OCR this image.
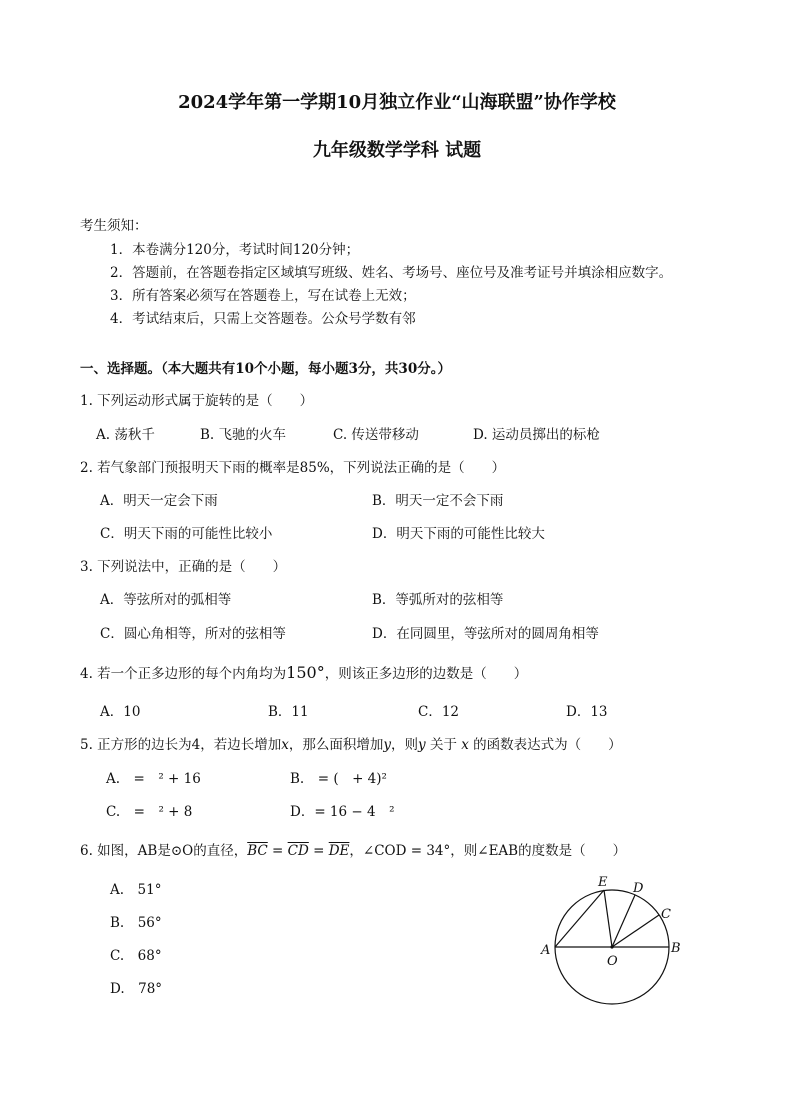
2024学年第一学期10月独立作业“山海联盟”协作学校
九年级数学学科 试题
考生须知：
1．本卷满分120分，考试时间120分钟；
2．答题前，在答题卷指定区域填写班级、姓名、考场号、座位号及准考证号并填涂相应数字。
3．所有答案必须写在答题卷上，写在试卷上无效；
4．考试结束后，只需上交答题卷。公众号学数有邻
一、选择题。（本大题共有10个小题，每小题3分，共30分。）
1. 下列运动形式属于旋转的是（　　）
A. 荡秋千	B. 飞驰的火车	C. 传送带移动	D. 运动员掷出的标枪
2. 若气象部门预报明天下雨的概率是85%，下列说法正确的是（　　）
A．明天一定会下雨	B．明天一定不会下雨
C．明天下雨的可能性比较小	D．明天下雨的可能性比较大
3. 下列说法中，正确的是（　　）
A．等弦所对的弧相等	B．等弧所对的弦相等
C．圆心角相等，所对的弦相等	D．在同圆里，等弦所对的圆周角相等
4. 若一个正多边形的每个内角均为150°，则该正多边形的边数是（　　）
A．10	B．11	C．12	D．13
5. 正方形的边长为4，若边长增加x，那么面积增加y，则y 关于 x 的函数表达式为（　　）
A.　=　² + 16	B.　= (　+ 4)²
C.　=　² + 8	D．= 16 − 4　²
6. 如图，AB是⊙O的直径，$\overline{BC} = \overline{CD} = \overline{DE}$，∠COD = 34°，则∠EAB的度数是（　　）
A.　51°
B.　56°
C.　68°
D.　78°
A	B
C
D
E
O
